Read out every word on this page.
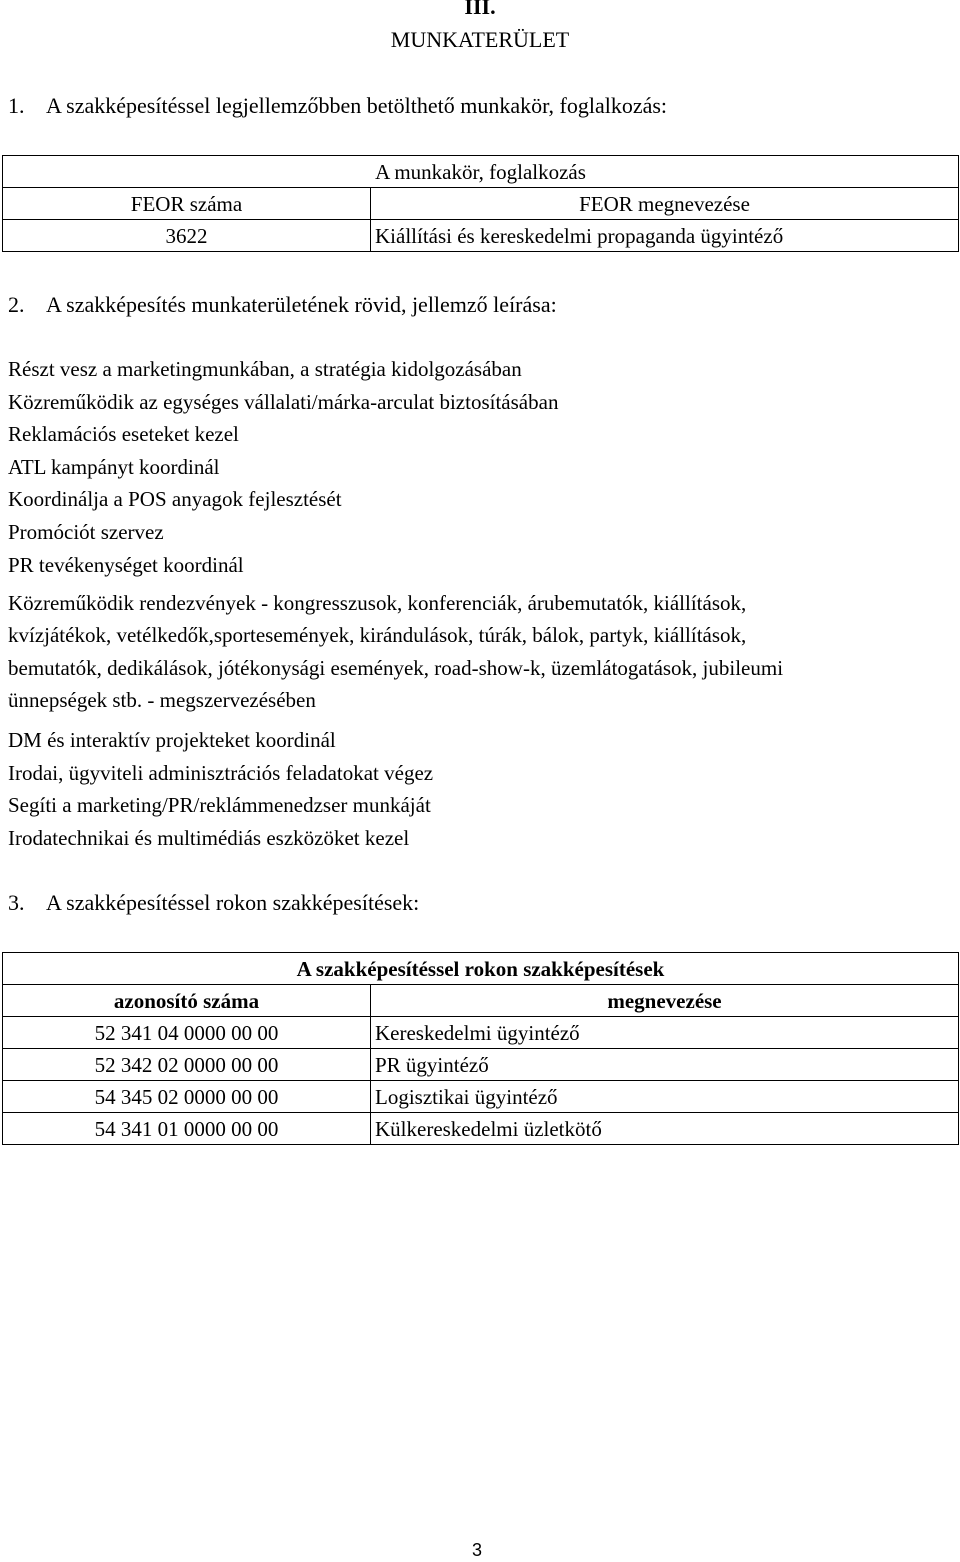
III.
MUNKATERÜLET
1. A szakképesítéssel legjellemzőbben betölthető munkakör, foglalkozás:
A munkakör, foglalkozás	
FEOR száma	FEOR megnevezése
3622	Kiállítási és kereskedelmi propaganda ügyintéző
2. A szakképesítés munkaterületének rövid, jellemző leírása:
Részt vesz a marketingmunkában, a stratégia kidolgozásában
Közreműködik az egységes vállalati/márka-arculat biztosításában
Reklamációs eseteket kezel
ATL kampányt koordinál
Koordinálja a POS anyagok fejlesztését
Promóciót szervez
PR tevékenységet koordinál
Közreműködik rendezvények - kongresszusok, konferenciák, árubemutatók, kiállítások,
kvízjátékok, vetélkedők,sportesemények, kirándulások, túrák, bálok, partyk, kiállítások,
bemutatók, dedikálások, jótékonysági események, road-show-k, üzemlátogatások, jubileumi
ünnepségek stb. - megszervezésében
DM és interaktív projekteket koordinál
Irodai, ügyviteli adminisztrációs feladatokat végez
Segíti a marketing/PR/reklámmenedzser munkáját
Irodatechnikai és multimédiás eszközöket kezel
3. A szakképesítéssel rokon szakképesítések:
A szakképesítéssel rokon szakképesítések	
azonosító száma	megnevezése
52 341 04 0000 00 00	Kereskedelmi ügyintéző
52 342 02 0000 00 00	PR ügyintéző
54 345 02 0000 00 00	Logisztikai ügyintéző
54 341 01 0000 00 00	Külkereskedelmi üzletkötő
3
